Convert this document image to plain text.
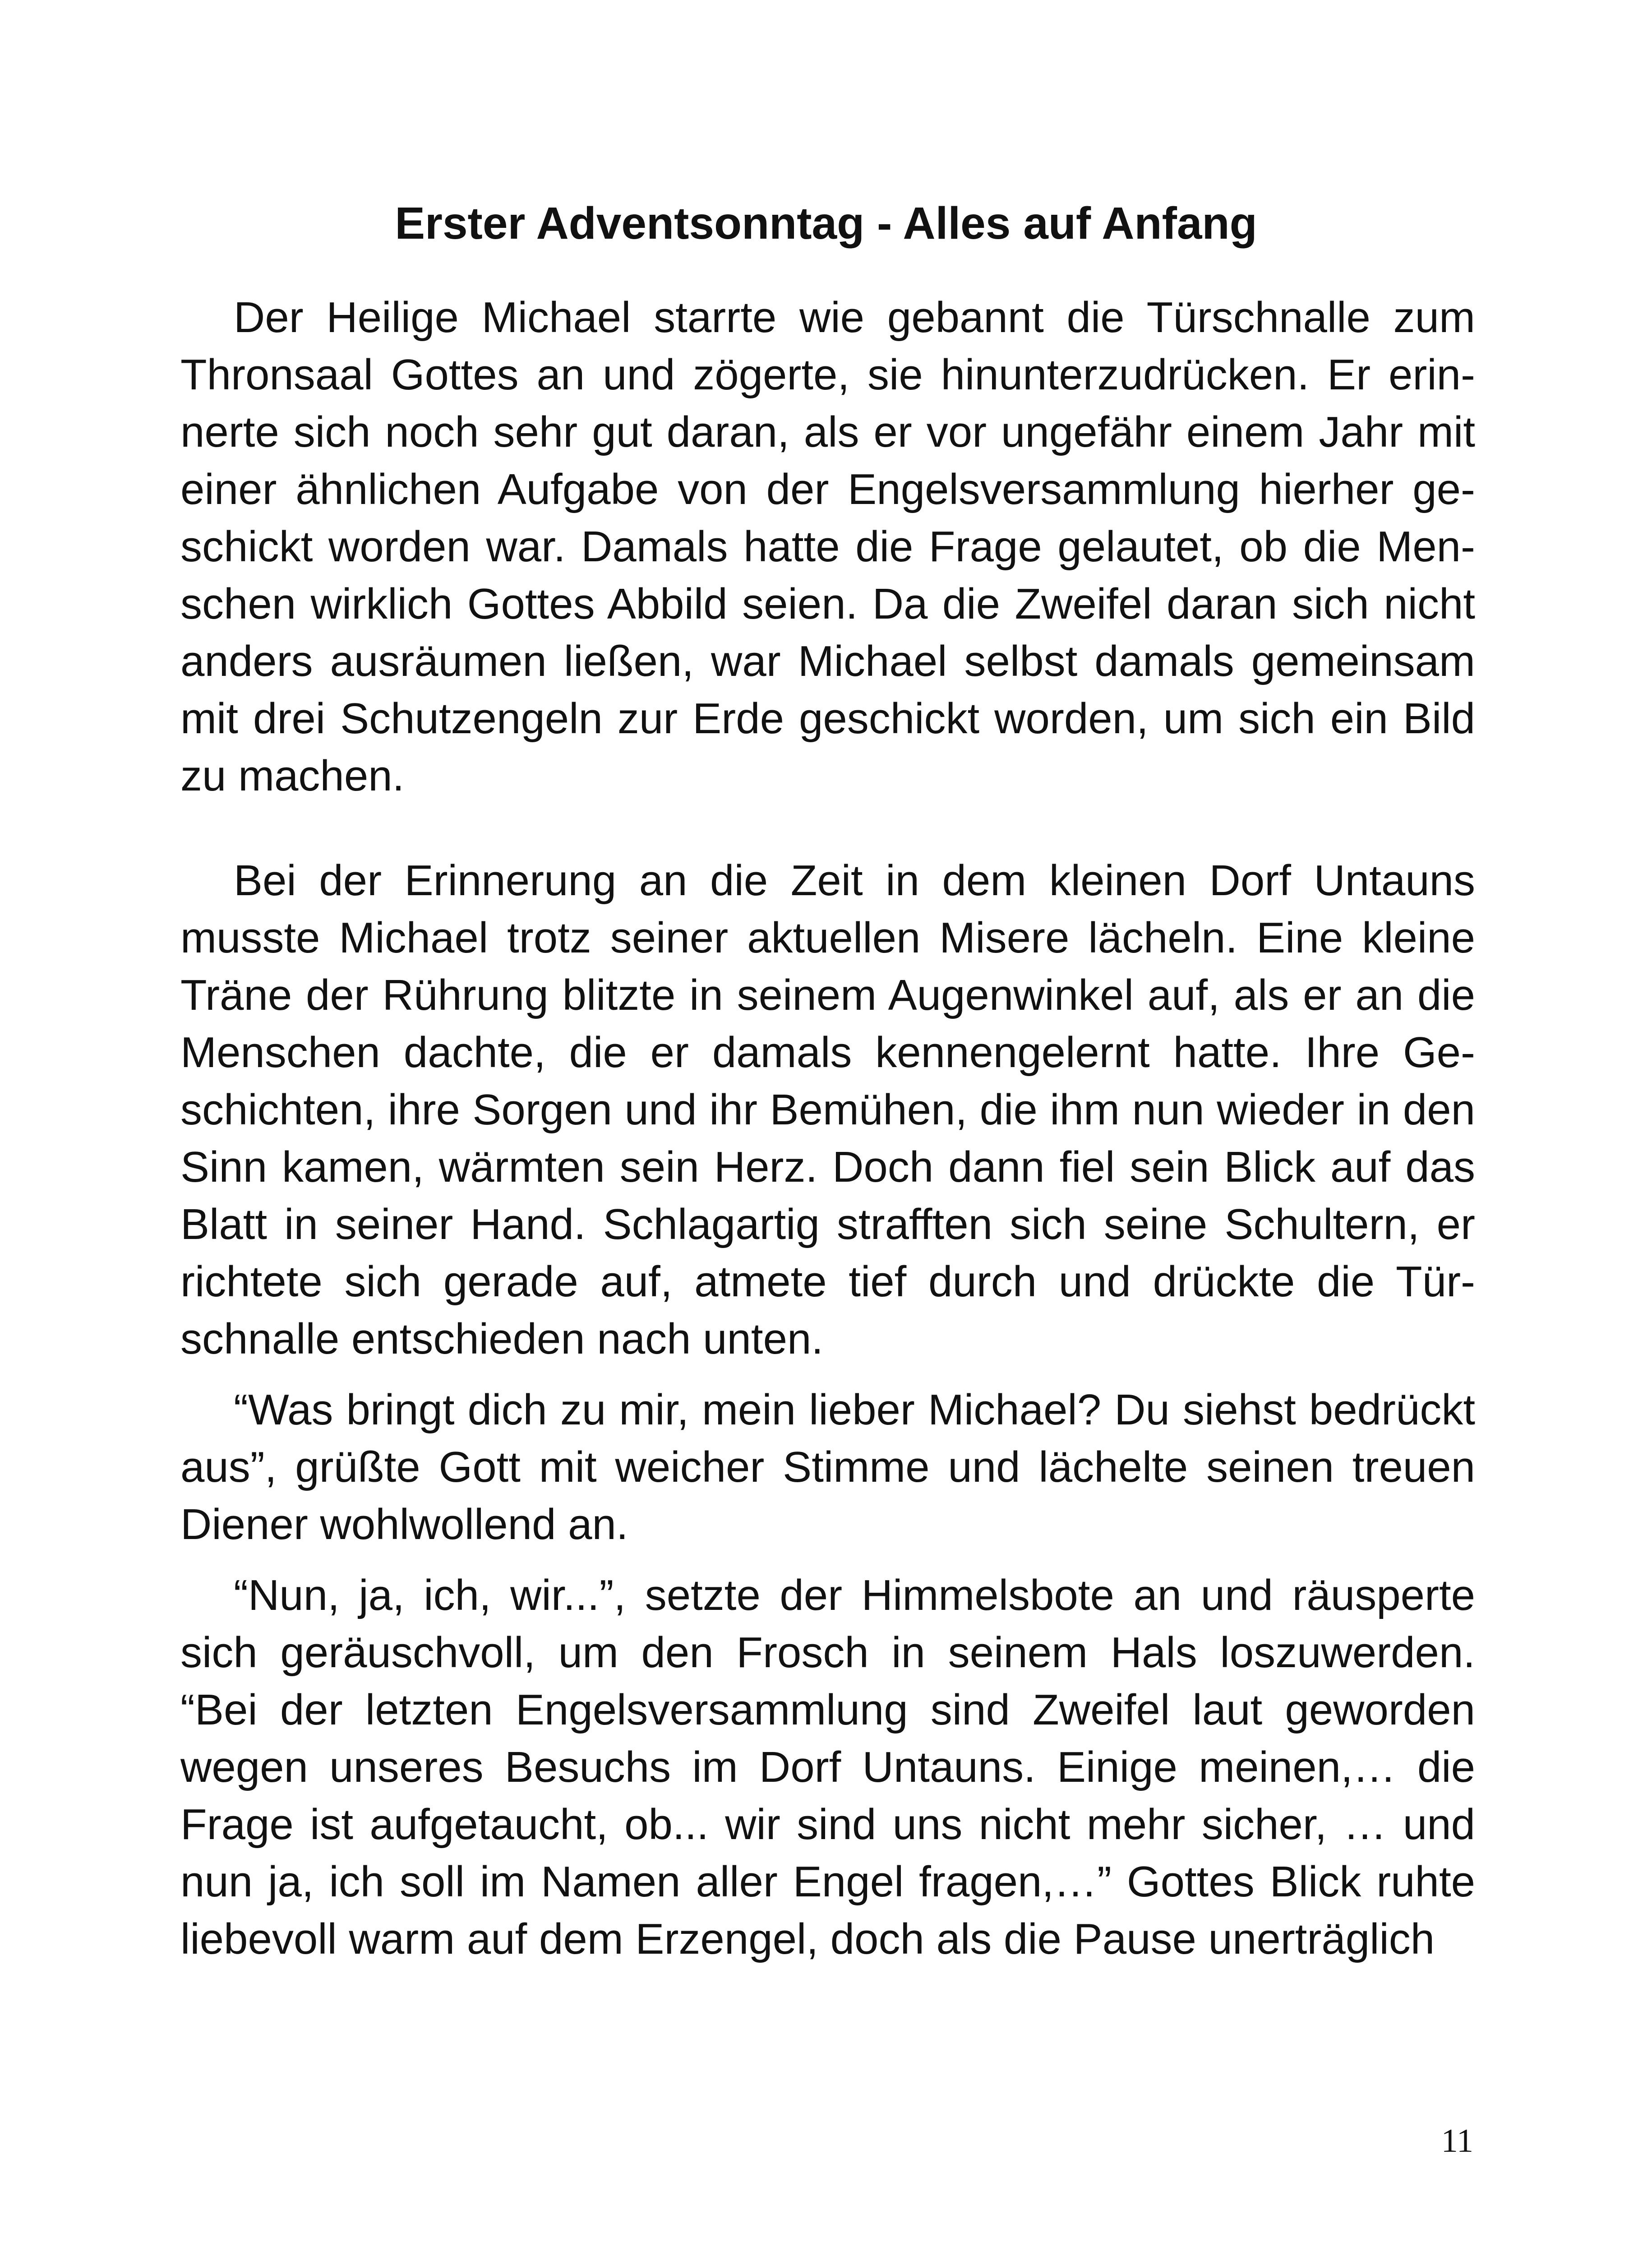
Erster Adventsonntag - Alles auf Anfang

Der Heilige Michael starrte wie gebannt die Türschnalle zum Thronsaal Gottes an und zögerte, sie hinunterzudrücken. Er erinnerte sich noch sehr gut daran, als er vor ungefähr einem Jahr mit einer ähnlichen Aufgabe von der Engelsversammlung hierher geschickt worden war. Damals hatte die Frage gelautet, ob die Menschen wirklich Gottes Abbild seien. Da die Zweifel daran sich nicht anders ausräumen ließen, war Michael selbst damals gemeinsam mit drei Schutzengeln zur Erde geschickt worden, um sich ein Bild zu machen.

Bei der Erinnerung an die Zeit in dem kleinen Dorf Untauns musste Michael trotz seiner aktuellen Misere lächeln. Eine kleine Träne der Rührung blitzte in seinem Augenwinkel auf, als er an die Menschen dachte, die er damals kennengelernt hatte. Ihre Geschichten, ihre Sorgen und ihr Bemühen, die ihm nun wieder in den Sinn kamen, wärmten sein Herz. Doch dann fiel sein Blick auf das Blatt in seiner Hand. Schlagartig strafften sich seine Schultern, er richtete sich gerade auf, atmete tief durch und drückte die Türschnalle entschieden nach unten.

“Was bringt dich zu mir, mein lieber Michael? Du siehst bedrückt aus”, grüßte Gott mit weicher Stimme und lächelte seinen treuen Diener wohlwollend an.

“Nun, ja, ich, wir...”, setzte der Himmelsbote an und räusperte sich geräuschvoll, um den Frosch in seinem Hals loszuwerden. “Bei der letzten Engelsversammlung sind Zweifel laut geworden wegen unseres Besuchs im Dorf Untauns. Einige meinen,… die Frage ist aufgetaucht, ob... wir sind uns nicht mehr sicher, … und nun ja, ich soll im Namen aller Engel fragen,…” Gottes Blick ruhte liebevoll warm auf dem Erzengel, doch als die Pause unerträglich

11
